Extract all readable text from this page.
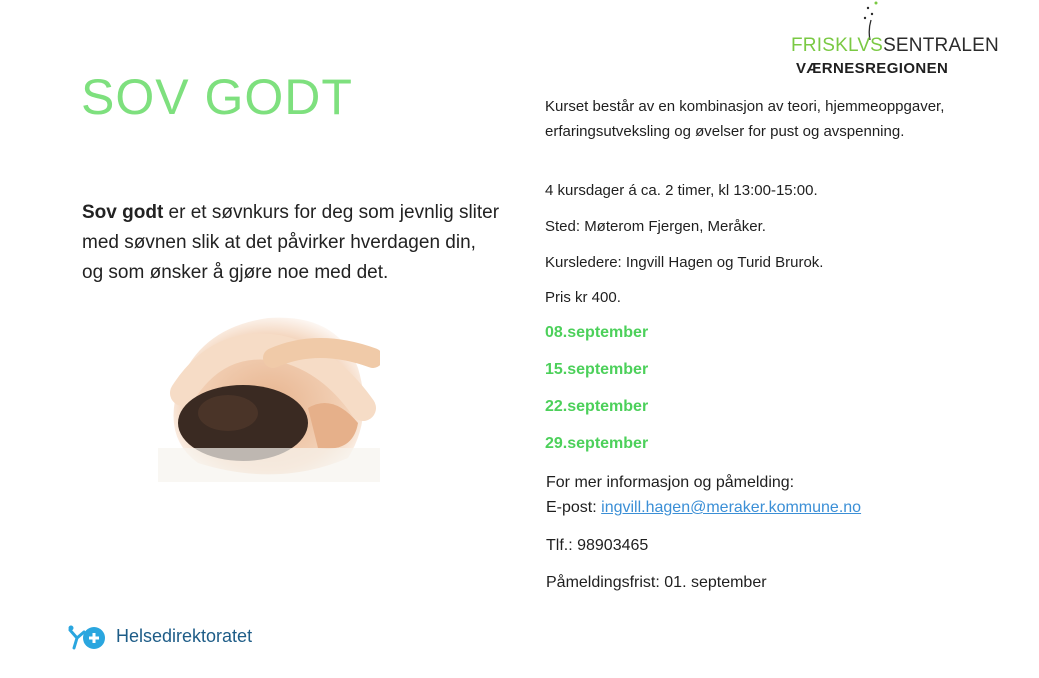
FRISKLVSSENTRALEN
VÆRNESREGIONEN
SOV GODT
Sov godt er et søvnkurs for deg som jevnlig sliter med søvnen slik at det påvirker hverdagen din, og som ønsker å gjøre noe med det.
Kurset består av en kombinasjon av teori, hjemmeoppgaver, erfaringsutveksling og øvelser for pust og avspenning.
4 kursdager á ca. 2 timer, kl 13:00-15:00.
Sted: Møterom Fjergen, Meråker.
Kursledere: Ingvill Hagen og Turid Brurok.
Pris kr 400.
08.september
15.september
22.september
29.september
For mer informasjon og påmelding:
E-post: ingvill.hagen@meraker.kommune.no
Tlf.: 98903465
Påmeldingsfrist: 01. september
Helsedirektoratet
